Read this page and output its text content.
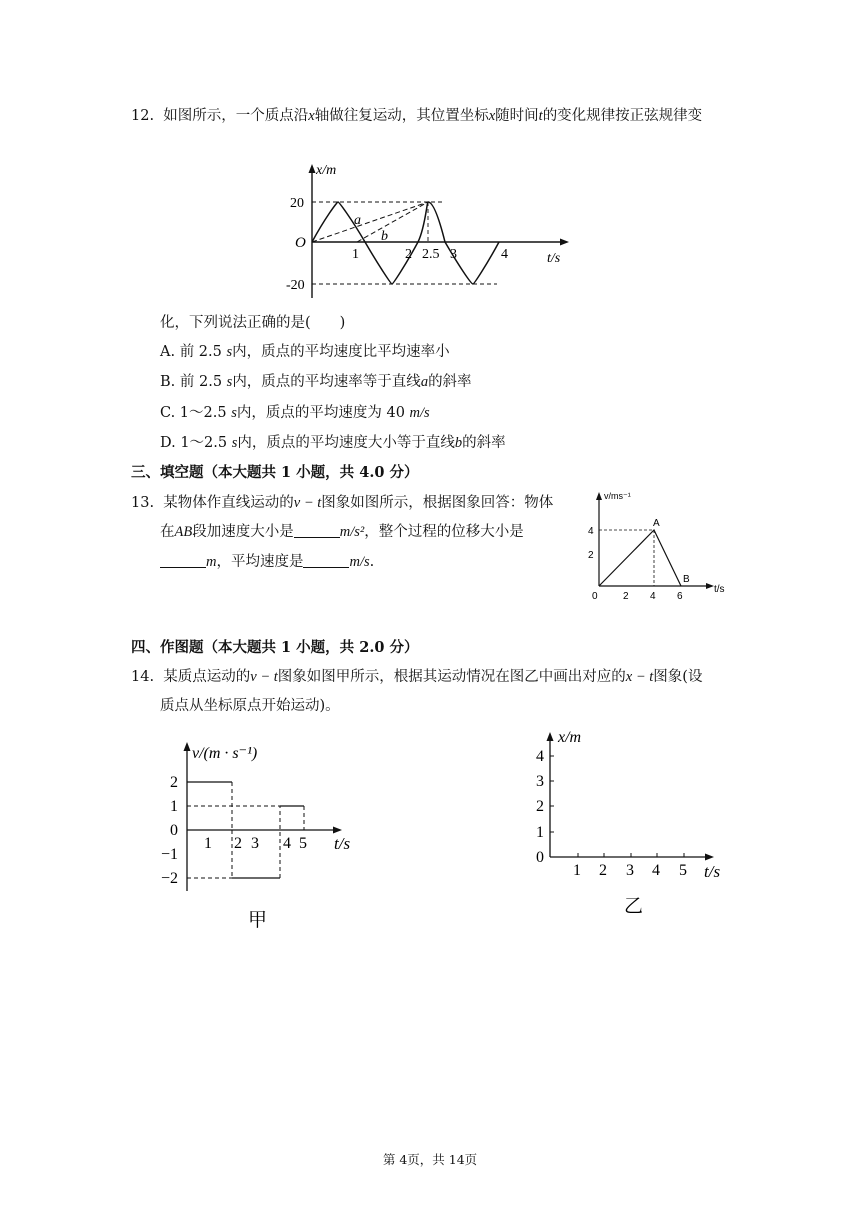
12. 如图所示，一个质点沿x轴做往复运动，其位置坐标x随时间t的变化规律按正弦规律变
x/m
t/s
O
20
-20
1	2 2.5 3	4
a
b
化，下列说法正确的是(　　)
A. 前 2.5 s内，质点的平均速度比平均速率小
B. 前 2.5 s内，质点的平均速率等于直线a的斜率
C. 1～2.5 s内，质点的平均速度为 40 m/s
D. 1～2.5 s内，质点的平均速度大小等于直线b的斜率
三、填空题（本大题共 1 小题，共 4.0 分）
13. 某物体作直线运动的v − t图象如图所示，根据图象回答：物体
在AB段加速度大小是	m/s²，整个过程的位移大小是
m，平均速度是	m/s.
v/ms⁻¹
t/s
4
2
0	2 4 6
A
B
四、作图题（本大题共 1 小题，共 2.0 分）
14. 某质点运动的v − t图象如图甲所示，根据其运动情况在图乙中画出对应的x − t图象(设
质点从坐标原点开始运动)。
v/(m · s⁻¹)
t/s
2
1
0
−1
−2
1 2 3 4 5
甲
x/m
t/s
4
3
2
1
0
1 2 3 4 5
乙
第 4页，共 14页
